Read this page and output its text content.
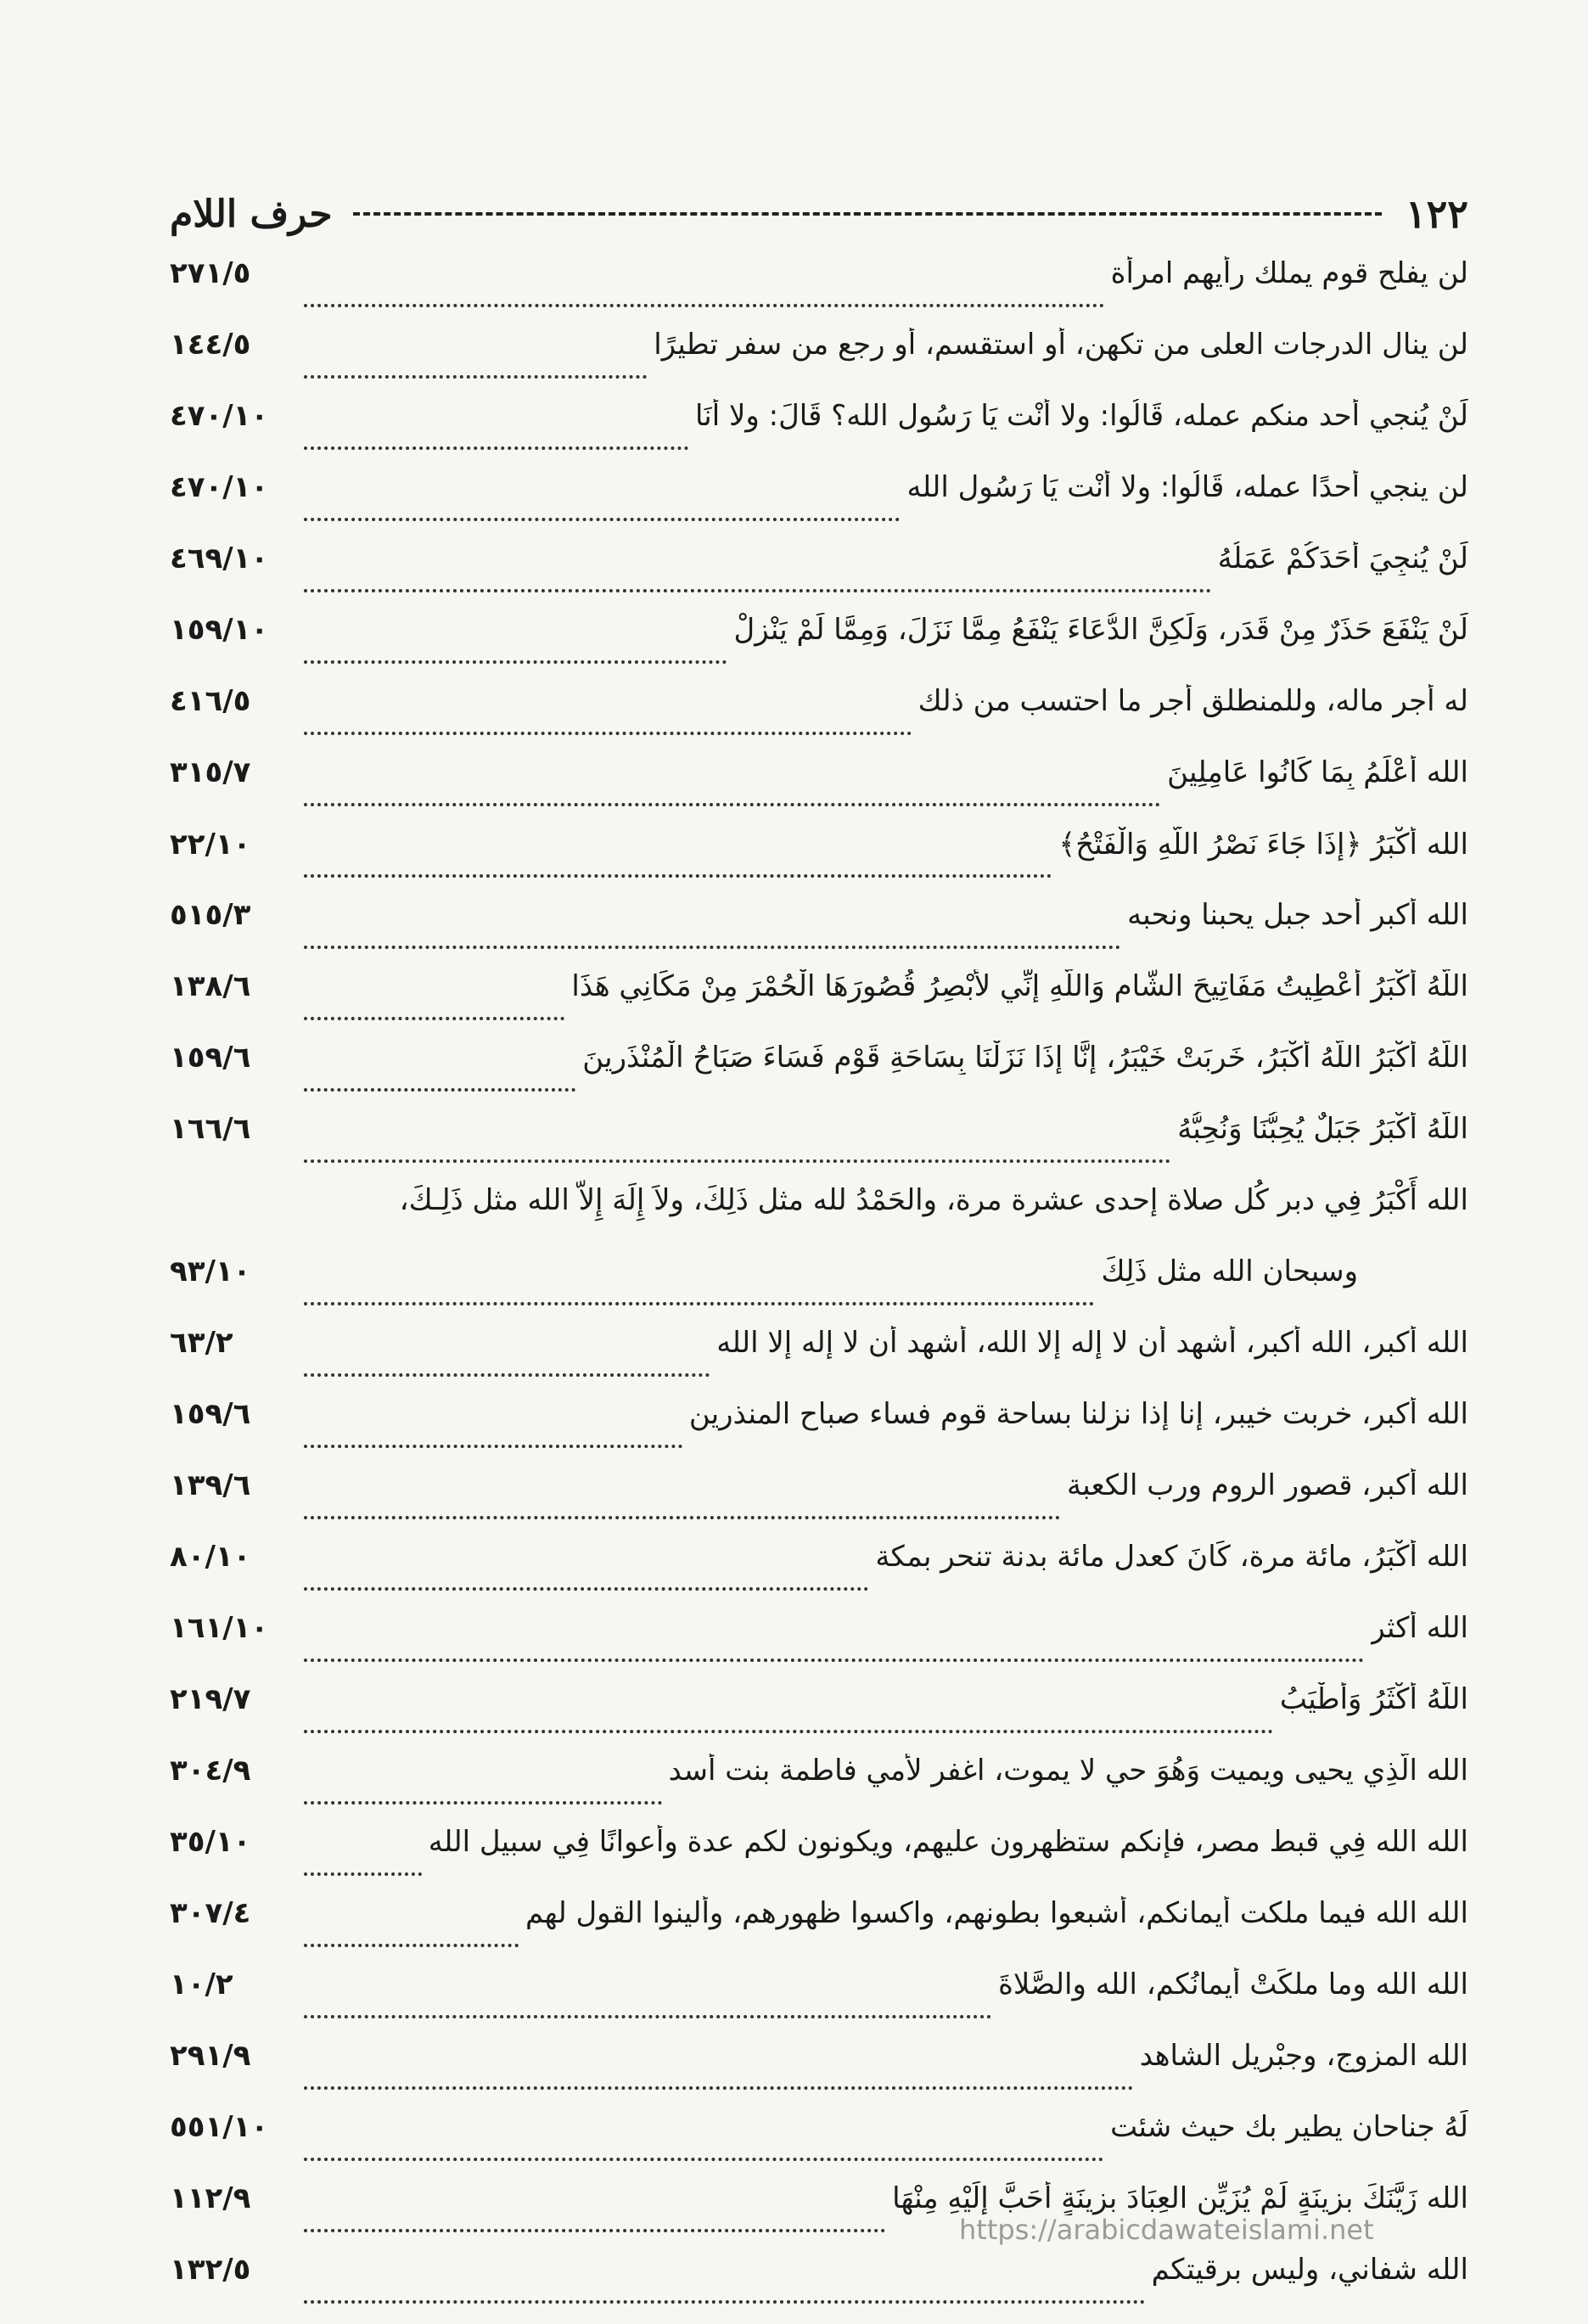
١٢٢
حرف اللام
لن يفلح قوم يملك رأيهم امرأة
٢٧١/٥
لن ينال الدرجات العلى من تكهن، أو استقسم، أو رجع من سفر تطيرًا
١٤٤/٥
لَنْ يُنجي أحد منكم عمله، قَالُوا: ولا أَنْت يَا رَسُول الله؟ قَالَ: ولا أَنَا
٤٧٠/١٠
لن ينجي أحدًا عمله، قَالُوا: ولا أَنْت يَا رَسُول الله
٤٧٠/١٠
لَنْ يُنجِيَ أَحَدَكُمْ عَمَلُهُ
٤٦٩/١٠
لَنْ يَنْفَعَ حَذَرٌ مِنْ قَدَرٍ، وَلَكِنَّ الدُّعَاءَ يَنْفَعُ مِمَّا نَزَلَ، وَمِمَّا لَمْ يَنْزِلْ
١٥٩/١٠
له أجر ماله، وللمنطلق أجر ما احتسب من ذلك
٤١٦/٥
الله أَعْلَمُ بِمَا كَانُوا عَامِلِينَ
٣١٥/٧
الله أَكْبَرُ ﴿إِذَا جَاءَ نَصْرُ اللَّهِ وَالْفَتْحُ﴾
٢٢/١٠
الله أكبر أحد جبل يحبنا ونحبه
٥١٥/٣
اللَّهُ أَكْبَرُ أُعْطِيتُ مَفَاتِيحَ الشَّامِ وَاللَّهِ إِنِّي لأَبْصِرُ قُصُورَهَا الْحُمْرَ مِنْ مَكَانِي هَذَا
١٣٨/٦
اللَّهُ أَكْبَرُ اللَّهُ أَكْبَرُ، خَرِبَتْ خَيْبَرُ، إِنَّا إِذَا نَزَلْنَا بِسَاحَةِ قَوْمٍ فَسَاءَ صَبَاحُ الْمُنْذَرِينَ
١٥٩/٦
اللَّهُ أَكْبَرُ جَبَلٌ يُحِبُّنَا وَنُحِبُّهُ
١٦٦/٦
الله أَكْبَرُ فِي دبر كُل صلاة إحدى عشرة مرة، والحَمْدُ لله مثل ذَلِكَ، ولاَ إِلَهَ إِلاّ الله مثل ذَلِـكَ،
وسبحان الله مثل ذَلِكَ
٩٣/١٠
الله أكبر، الله أكبر، أشهد أن لا إله إلا الله، أشهد أن لا إله إلا الله
٦٣/٢
الله أكبر، خربت خيبر، إنا إذا نزلنا بساحة قوم فساء صباح المنذرين
١٥٩/٦
الله أكبر، قصور الروم ورب الكعبة
١٣٩/٦
الله أَكْبَرُ، مائة مرة، كَانَ كعدل مائة بدنة تنحر بمكة
٨٠/١٠
الله أكثر
١٦١/١٠
اللَّهُ أَكْثَرُ وَأَطْيَبُ
٢١٩/٧
الله الَّذِي يحيى ويميت وَهُوَ حي لا يموت، اغفر لأمي فاطمة بنت أسد
٣٠٤/٩
الله الله فِي قبط مصر، فإنكم ستظهرون عليهم، ويكونون لكم عدة وأعوانًا فِي سبيل الله
٣٥/١٠
الله الله فيما ملكت أيمانكم، أشبعوا بطونهم، واكسوا ظهورهم، وألينوا القول لهم
٣٠٧/٤
الله الله وما ملكَتْ أيمانُكم، الله والصَّلاةَ
١٠/٢
الله المزوج، وجبْريل الشاهد
٢٩١/٩
لَهُ جناحان يطير بك حيث شئت
٥٥١/١٠
الله زَيَّنَكَ بزِينَةٍ لَمْ يُزَيِّنِ العِبَادَ بزِينَةٍ أَحَبَّ إِلَيْهِ مِنْهَا
١١٢/٩
الله شفاني، وليس برقيتكم
١٣٢/٥
https://arabicdawateislami.net
